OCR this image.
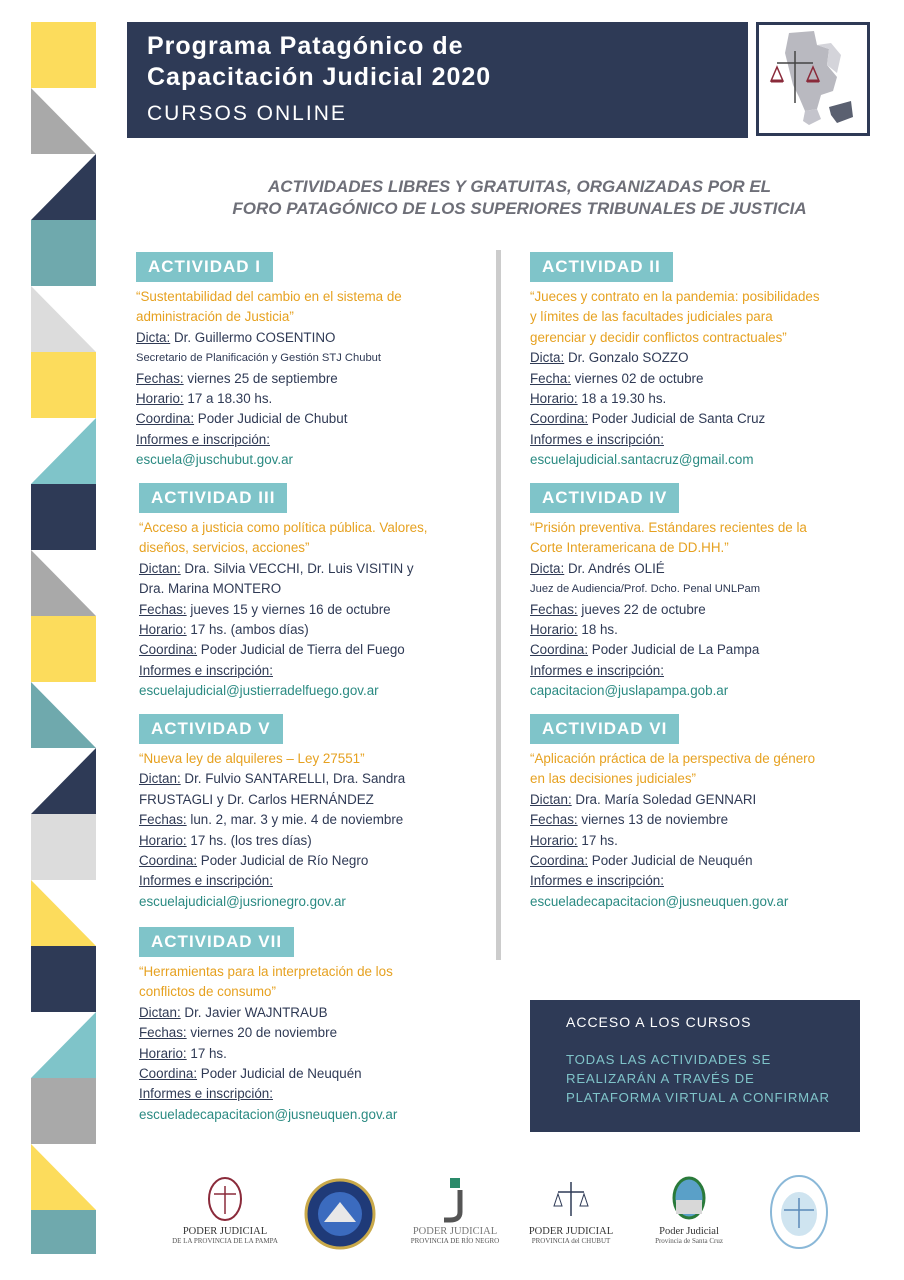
Programa Patagónico de
Capacitación Judicial 2020
CURSOS ONLINE
ACTIVIDADES LIBRES Y GRATUITAS, ORGANIZADAS POR EL
FORO PATAGÓNICO DE LOS SUPERIORES TRIBUNALES DE JUSTICIA
ACTIVIDAD I
“Sustentabilidad del cambio en el sistema de
administración de Justicia”
Dicta: Dr. Guillermo COSENTINO
Secretario de Planificación y Gestión STJ Chubut
Fechas: viernes 25 de septiembre
Horario: 17 a 18.30 hs.
Coordina: Poder Judicial de Chubut
Informes e inscripción:
escuela@juschubut.gov.ar
ACTIVIDAD II
“Jueces y contrato en la pandemia: posibilidades
y límites de las facultades judiciales para
gerenciar y decidir conflictos contractuales”
Dicta: Dr. Gonzalo SOZZO
Fecha: viernes 02 de octubre
Horario: 18 a 19.30 hs.
Coordina: Poder Judicial de Santa Cruz
Informes e inscripción:
escuelajudicial.santacruz@gmail.com
ACTIVIDAD III
“Acceso a justicia como política pública. Valores,
diseños, servicios, acciones”
Dictan: Dra. Silvia VECCHI, Dr. Luis VISITIN y
Dra. Marina MONTERO
Fechas: jueves 15 y viernes 16 de octubre
Horario: 17 hs. (ambos días)
Coordina: Poder Judicial de Tierra del Fuego
Informes e inscripción:
escuelajudicial@justierradelfuego.gov.ar
ACTIVIDAD IV
“Prisión preventiva. Estándares recientes de la
Corte Interamericana de DD.HH.”
Dicta: Dr. Andrés OLIÉ
Juez de Audiencia/Prof. Dcho. Penal UNLPam
Fechas: jueves 22 de octubre
Horario: 18 hs.
Coordina: Poder Judicial de La Pampa
Informes e inscripción:
capacitacion@juslapampa.gob.ar
ACTIVIDAD V
“Nueva ley de alquileres – Ley 27551”
Dictan: Dr. Fulvio SANTARELLI, Dra. Sandra
FRUSTAGLI y Dr. Carlos HERNÁNDEZ
Fechas: lun. 2, mar. 3 y mie. 4 de noviembre
Horario: 17 hs. (los tres días)
Coordina: Poder Judicial de Río Negro
Informes e inscripción:
escuelajudicial@jusrionegro.gov.ar
ACTIVIDAD VI
“Aplicación práctica de la perspectiva de género
en las decisiones judiciales”
Dictan: Dra. María Soledad GENNARI
Fechas: viernes 13 de noviembre
Horario: 17 hs.
Coordina: Poder Judicial de Neuquén
Informes e inscripción:
escueladecapacitacion@jusneuquen.gov.ar
ACTIVIDAD VII
“Herramientas para la interpretación de los
conflictos de consumo”
Dictan: Dr. Javier WAJNTRAUB
Fechas: viernes 20 de noviembre
Horario: 17 hs.
Coordina: Poder Judicial de Neuquén
Informes e inscripción:
escueladecapacitacion@jusneuquen.gov.ar
ACCESO A LOS CURSOS
TODAS LAS ACTIVIDADES SE
REALIZARÁN A TRAVÉS DE
PLATAFORMA VIRTUAL A CONFIRMAR
PODER JUDICIAL
DE LA PROVINCIA DE LA PAMPA
PODER JUDICIAL
PROVINCIA DE RÍO NEGRO
PODER JUDICIAL
PROVINCIA del CHUBUT
Poder Judicial
Provincia de Santa Cruz
